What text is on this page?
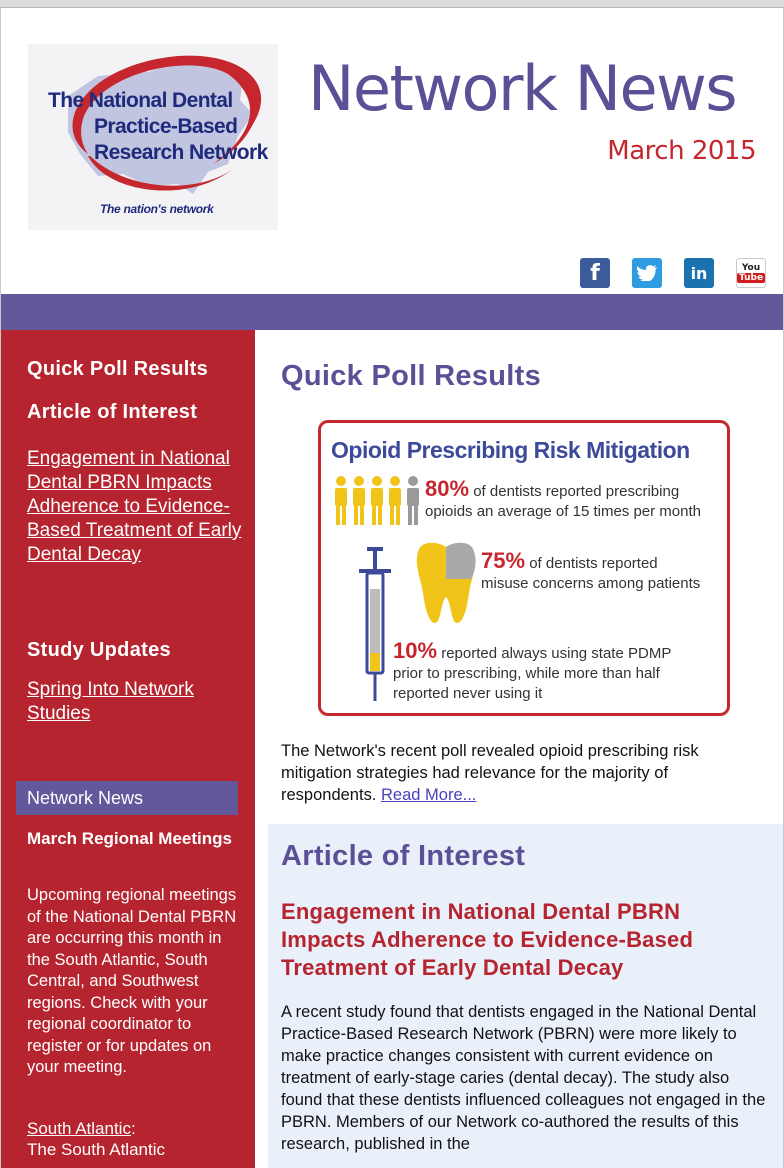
The National Dental
Practice-Based
Research Network
The nation's network
Network News
March 2015
f	in	You
Tube
Quick Poll Results
Article of Interest
Engagement in National Dental PBRN Impacts Adherence to Evidence-Based Treatment of Early Dental Decay
Study Updates
Spring Into Network Studies
Network News
March Regional Meetings
Upcoming regional meetings of the National Dental PBRN are occurring this month in the South Atlantic, South Central, and Southwest regions. Check with your regional coordinator to register or for updates on your meeting.
South Atlantic:
The South Atlantic
Quick Poll Results
Opioid Prescribing Risk Mitigation
80% of dentists reported prescribing
opioids an average of 15 times per month
75% of dentists reported
misuse concerns among patients
10% reported always using state PDMP
prior to prescribing, while more than half
reported never using it
The Network's recent poll revealed opioid prescribing risk mitigation strategies had relevance for the majority of respondents. Read More...
Article of Interest
Engagement in National Dental PBRN Impacts Adherence to Evidence-Based Treatment of Early Dental Decay
A recent study found that dentists engaged in the National Dental Practice-Based Research Network (PBRN) were more likely to make practice changes consistent with current evidence on treatment of early-stage caries (dental decay). The study also found that these dentists influenced colleagues not engaged in the PBRN. Members of our Network co-authored the results of this research, published in the
